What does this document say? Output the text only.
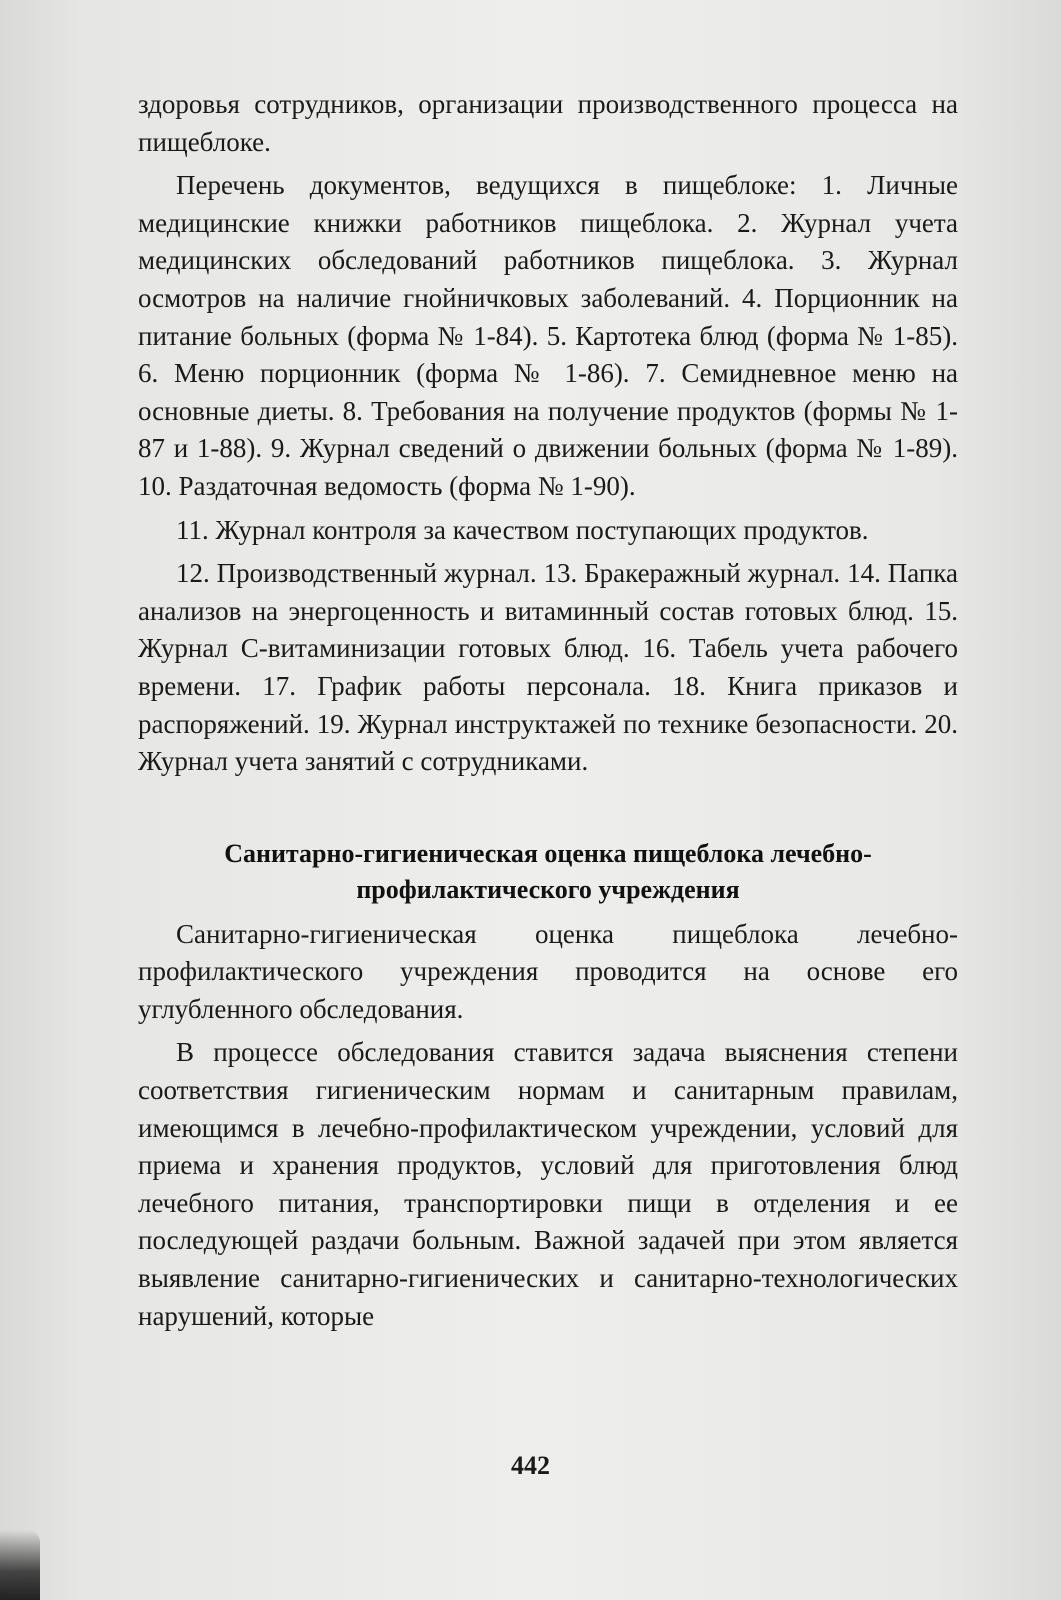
здоровья сотрудников, организации производственного процесса на пищеблоке.

Перечень документов, ведущихся в пищеблоке: 1. Личные медицинские книжки работников пищеблока. 2. Журнал учета медицинских обследований работников пищеблока. 3. Журнал осмотров на наличие гнойничковых заболеваний. 4. Порционник на питание больных (форма № 1-84). 5. Картотека блюд (форма № 1-85). 6. Меню порционник (форма № 1-86). 7. Семидневное меню на основные диеты. 8. Требования на получение продуктов (формы № 1-87 и 1-88). 9. Журнал сведений о движении больных (форма № 1-89). 10. Раздаточная ведомость (форма № 1-90).

11. Журнал контроля за качеством поступающих продуктов.

12. Производственный журнал. 13. Бракеражный журнал. 14. Папка анализов на энергоценность и витаминный состав готовых блюд. 15. Журнал С-витаминизации готовых блюд. 16. Табель учета рабочего времени. 17. График работы персонала. 18. Книга приказов и распоряжений. 19. Журнал инструктажей по технике безопасности. 20. Журнал учета занятий с сотрудниками.

Санитарно-гигиеническая оценка пищеблока лечебно-профилактического учреждения

Санитарно-гигиеническая оценка пищеблока лечебно-профилактического учреждения проводится на основе его углубленного обследования.

В процессе обследования ставится задача выяснения степени соответствия гигиеническим нормам и санитарным правилам, имеющимся в лечебно-профилактическом учреждении, условий для приема и хранения продуктов, условий для приготовления блюд лечебного питания, транспортировки пищи в отделения и ее последующей раздачи больным. Важной задачей при этом является выявление санитарно-гигиенических и санитарно-технологических нарушений, которые

442
